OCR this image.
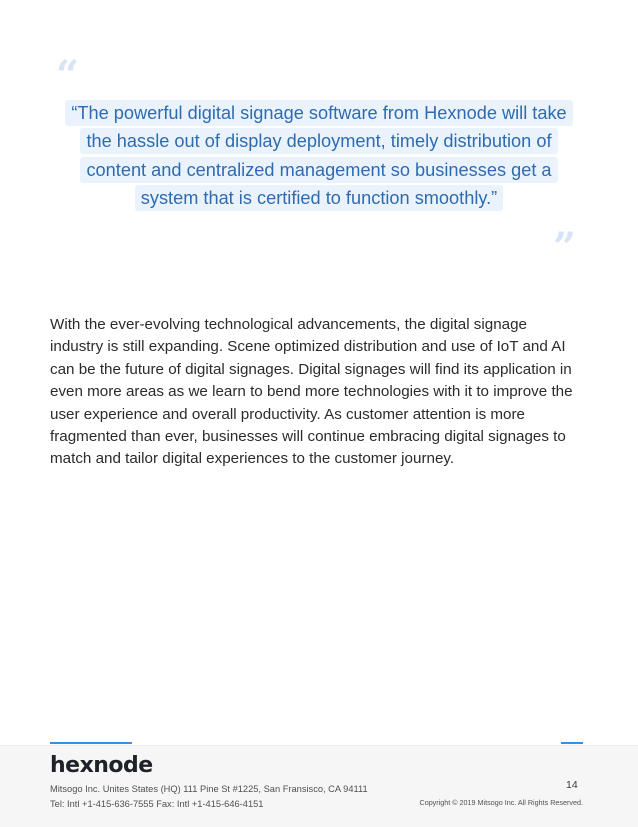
“
“The powerful digital signage software from Hexnode will take
the hassle out of display deployment, timely distribution of
content and centralized management so businesses get a
system that is certified to function smoothly.”
”

With the ever-evolving technological advancements, the digital signage

industry is still expanding. Scene optimized distribution and use of IoT and AI

can be the future of digital signages. Digital signages will find its application in

even more areas as we learn to bend more technologies with it to improve the

user experience and overall productivity. As customer attention is more

fragmented than ever, businesses will continue embracing digital signages to

match and tailor digital experiences to the customer journey.

hexnode
Mitsogo Inc. Unites States (HQ) 111 Pine St #1225, San Fransisco, CA 94111
Tel: Intl +1-415-636-7555 Fax: Intl +1-415-646-4151
14
Copyright © 2019 Mitsogo Inc. All Rights Reserved.
